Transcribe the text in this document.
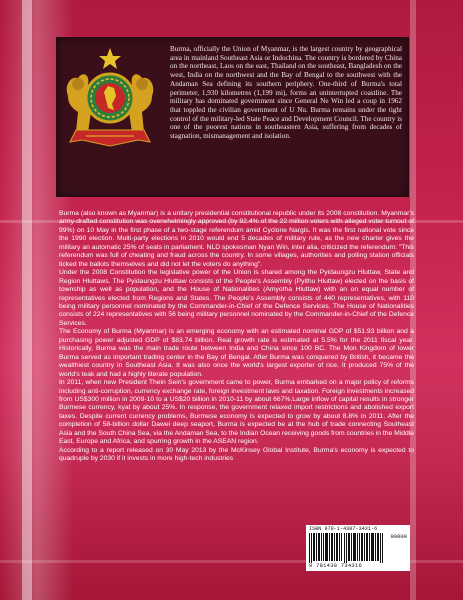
Burma, officially the Union of Myanmar, is the largest country by geographical area in mainland Southeast Asia or Indochina. The country is bordered by China on the northeast, Laos on the east, Thailand on the southeast, Bangladesh on the west, India on the northwest and the Bay of Bengal to the southwest with the Andaman Sea defining its southern periphery. One-third of Burma's total perimeter, 1,930 kilometres (1,199 mi), forms an uninterrupted coastline. The military has dominated government since General Ne Win led a coup in 1962 that toppled the civilian government of U Nu. Burma remains under the tight control of the military-led State Peace and Development Council. The country is one of the poorest nations in southeastern Asia, suffering from decades of stagnation, mismanagement and isolation.

Burma (also known as Myanmar) is a unitary presidential constitutional republic under its 2008 constitution. Myanmar's army-drafted constitution was overwhelmingly approved (by 92.4% of the 22 million voters with alleged voter turnout of 99%) on 10 May in the first phase of a two-stage referendum amid Cyclone Nargis. It was the first national vote since the 1990 election. Multi-party elections in 2010 would end 5 decades of military rule, as the new charter gives the military an automatic 25% of seats in parliament. NLD spokesman Nyan Win, inter alia, criticized the referendum: "This referendum was full of cheating and fraud across the country. In some villages, authorities and polling station officials ticked the ballots themselves and did not let the voters do anything".

Under the 2008 Constitution the legislative power of the Union is shared among the Pyidaungzu Hluttaw, State and Region Hluttaws. The Pyidaungzu Hluttaw consists of the People's Assembly (Pyithu Hluttaw) elected on the basis of township as well as population, and the House of Nationalities (Amyotha Hluttaw) with an on equal number of representatives elected from Regions and States. The People's Assembly consists of 440 representatives, with 110 being military personnel nominated by the Commander-in-Chief of the Defence Services. The House of Nationalities consists of 224 representatives with 56 being military personnel nominated by the Commander-in-Chief of the Defence Services.

The Economy of Burma (Myanmar) is an emerging economy with an estimated nominal GDP of $51.93 billion and a purchasing power adjusted GDP of $83.74 billion. Real growth rate is estimated at 5.5% for the 2011 fiscal year. Historically, Burma was the main trade route between India and China since 100 BC. The Mon Kingdom of lower Burma served as important trading center in the Bay of Bengal. After Burma was conquered by British, it became the wealthiest country in Southeast Asia. It was also once the world's largest exporter of rice. It produced 75% of the world's teak and had a highly literate population.

In 2011, when new President Thein Sein's government came to power, Burma embarked on a major policy of reforms including anti-corruption, currency exchange rate, foreign investment laws and taxation. Foreign investments increased from US$300 million in 2009-10 to a US$20 billion in 2010-11 by about 667%.Large inflow of capital results in stronger Burmese currency, kyat by about 25%. In response, the government relaxed import restrictions and abolished export taxes. Despite current currency problems, Burmese economy is expected to grow by about 8.8% in 2011. After the completion of 58-billion dollar Dawei deep seaport, Burma is expected be at the hub of trade connecting Southeast Asia and the South China Sea, via the Andaman Sea, to the Indian Ocean receiving goods from countries in the Middle East, Europe and Africa, and spurring growth in the ASEAN region.

According to a report released on 30 May 2013 by the McKinsey Global Institute, Burma's economy is expected to quadruple by 2030 if it invests in more high-tech industries

ISBN 978-1-4387-3431-6
90000
9 781438 734316
